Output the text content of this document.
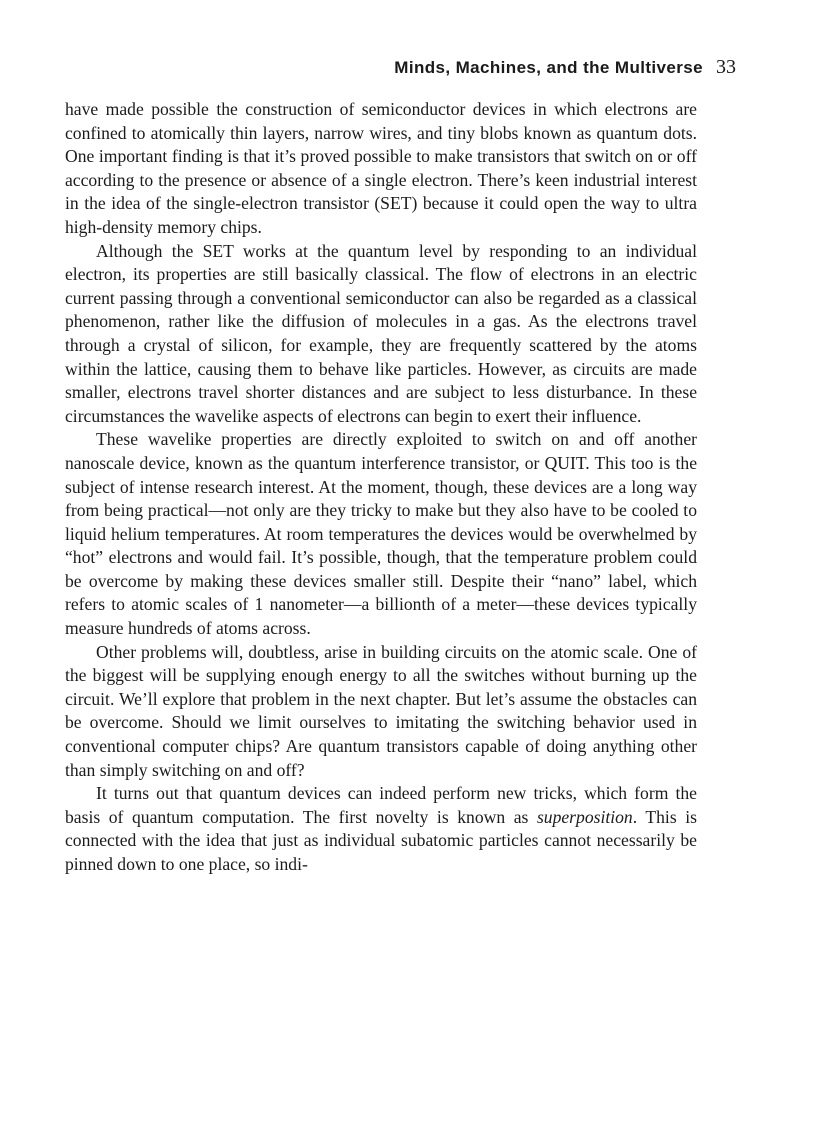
Minds, Machines, and the Multiverse 33

have made possible the construction of semiconductor devices in which electrons are confined to atomically thin layers, narrow wires, and tiny blobs known as quantum dots. One important finding is that it’s proved possible to make transistors that switch on or off according to the presence or absence of a single electron. There’s keen industrial interest in the idea of the single-electron transistor (SET) because it could open the way to ultra high-density memory chips.

Although the SET works at the quantum level by responding to an individual electron, its properties are still basically classical. The flow of electrons in an electric current passing through a conventional semiconductor can also be regarded as a classical phenomenon, rather like the diffusion of molecules in a gas. As the electrons travel through a crystal of silicon, for example, they are frequently scattered by the atoms within the lattice, causing them to behave like particles. However, as circuits are made smaller, electrons travel shorter distances and are subject to less disturbance. In these circumstances the wavelike aspects of electrons can begin to exert their influence.

These wavelike properties are directly exploited to switch on and off another nanoscale device, known as the quantum interference transistor, or QUIT. This too is the subject of intense research interest. At the moment, though, these devices are a long way from being practical—not only are they tricky to make but they also have to be cooled to liquid helium temperatures. At room temperatures the devices would be overwhelmed by “hot” electrons and would fail. It’s possible, though, that the temperature problem could be overcome by making these devices smaller still. Despite their “nano” label, which refers to atomic scales of 1 nanometer—a billionth of a meter—these devices typically measure hundreds of atoms across.

Other problems will, doubtless, arise in building circuits on the atomic scale. One of the biggest will be supplying enough energy to all the switches without burning up the circuit. We’ll explore that problem in the next chapter. But let’s assume the obstacles can be overcome. Should we limit ourselves to imitating the switching behavior used in conventional computer chips? Are quantum transistors capable of doing anything other than simply switching on and off?

It turns out that quantum devices can indeed perform new tricks, which form the basis of quantum computation. The first novelty is known as superposition. This is connected with the idea that just as individual subatomic particles cannot necessarily be pinned down to one place, so indi-
